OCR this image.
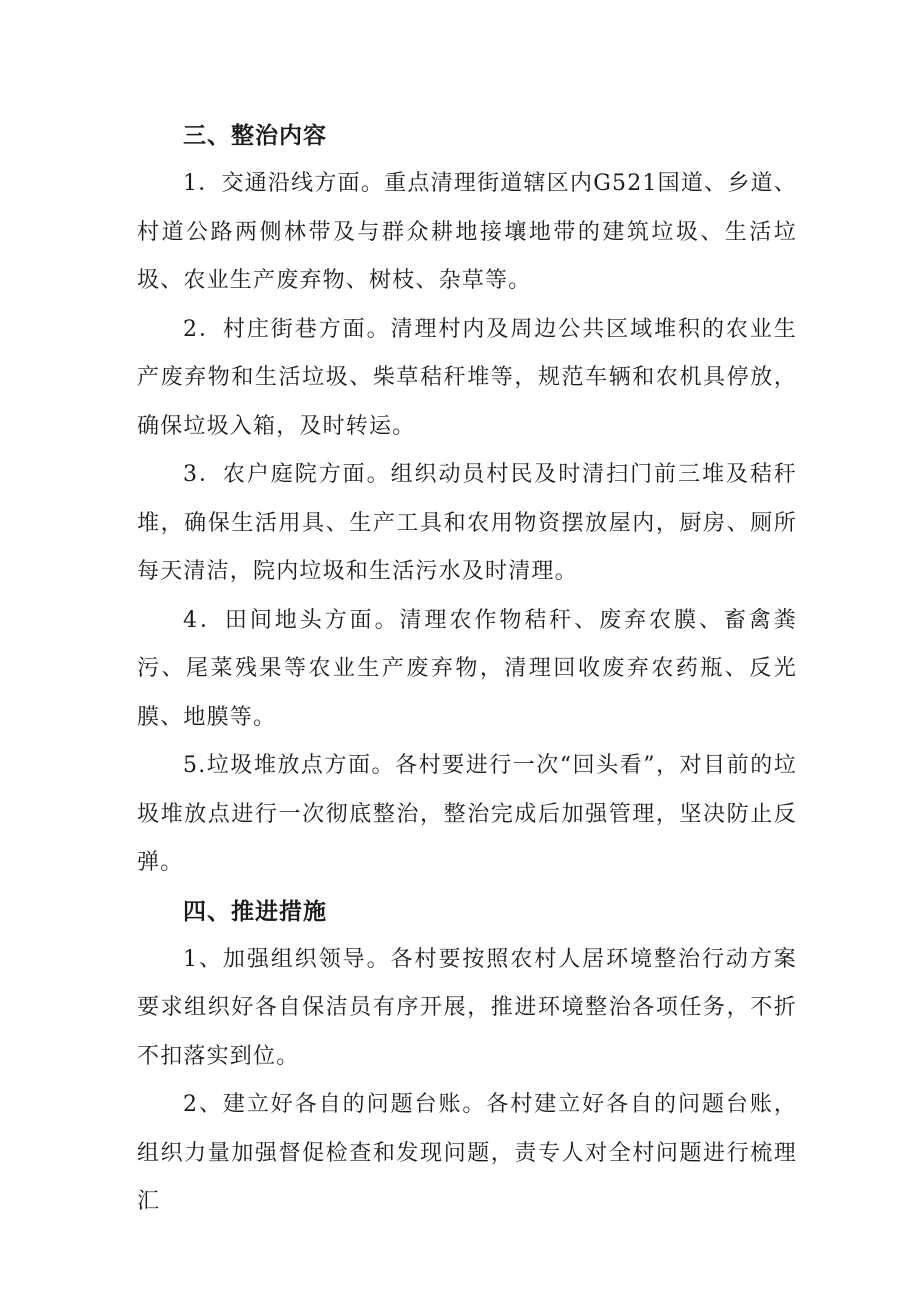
三、整治内容

1．交通沿线方面。重点清理街道辖区内G521国道、乡道、村道公路两侧林带及与群众耕地接壤地带的建筑垃圾、生活垃圾、农业生产废弃物、树枝、杂草等。

2．村庄街巷方面。清理村内及周边公共区域堆积的农业生产废弃物和生活垃圾、柴草秸秆堆等，规范车辆和农机具停放，确保垃圾入箱，及时转运。

3．农户庭院方面。组织动员村民及时清扫门前三堆及秸秆堆，确保生活用具、生产工具和农用物资摆放屋内，厨房、厕所每天清洁，院内垃圾和生活污水及时清理。

4．田间地头方面。清理农作物秸秆、废弃农膜、畜禽粪污、尾菜残果等农业生产废弃物，清理回收废弃农药瓶、反光膜、地膜等。

5.垃圾堆放点方面。各村要进行一次“回头看”，对目前的垃圾堆放点进行一次彻底整治，整治完成后加强管理，坚决防止反弹。

四、推进措施

1、加强组织领导。各村要按照农村人居环境整治行动方案要求组织好各自保洁员有序开展，推进环境整治各项任务，不折不扣落实到位。

2、建立好各自的问题台账。各村建立好各自的问题台账，组织力量加强督促检查和发现问题，责专人对全村问题进行梳理汇
